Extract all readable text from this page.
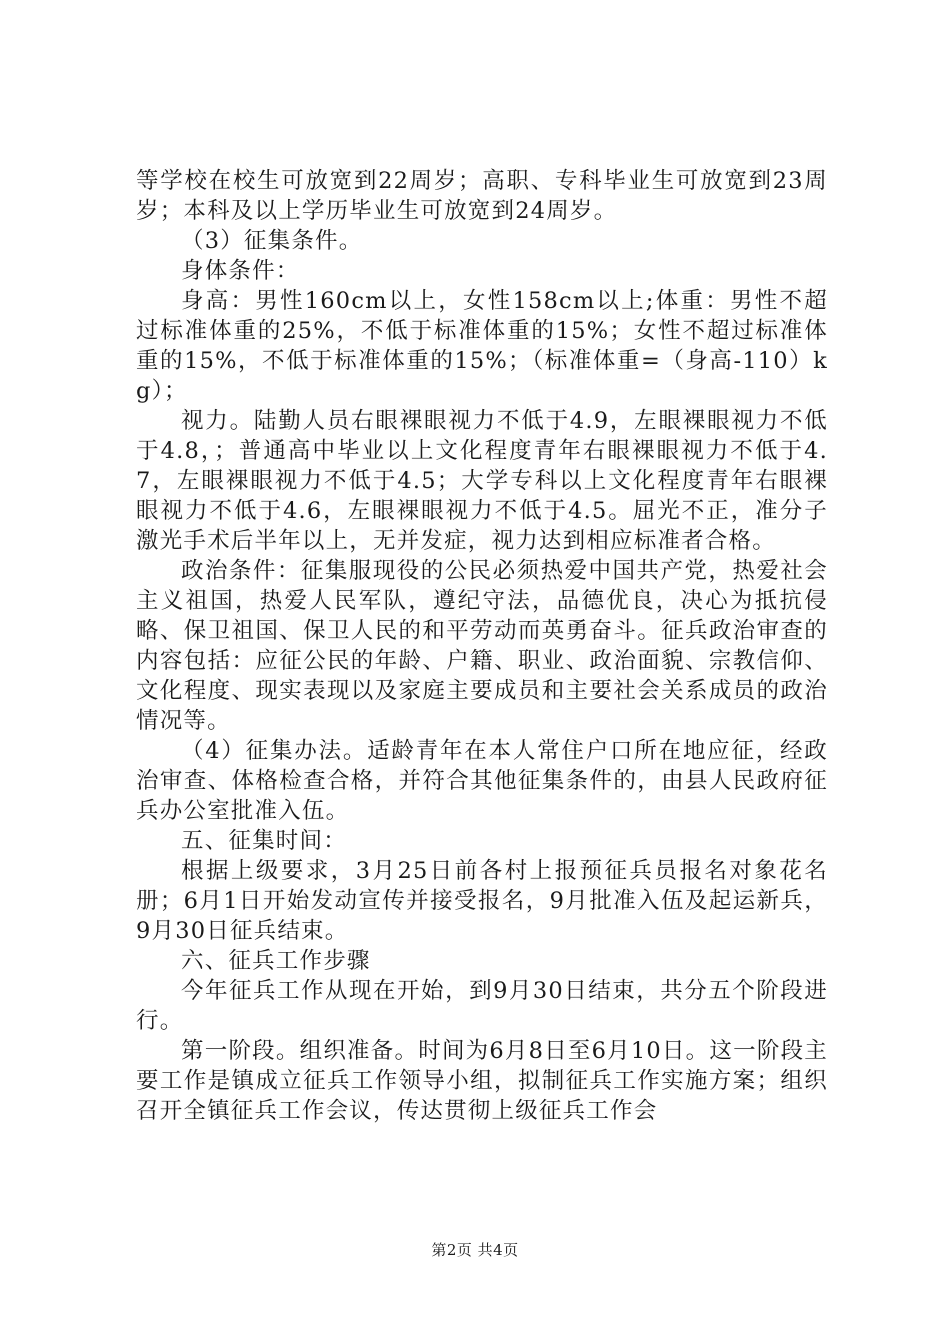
等学校在校生可放宽到22周岁；高职、专科毕业生可放宽到23周岁；本科及以上学历毕业生可放宽到24周岁。

（3）征集条件。

身体条件：

身高：男性160cm以上，女性158cm以上;体重：男性不超过标准体重的25%，不低于标准体重的15%；女性不超过标准体重的15%，不低于标准体重的15%；（标准体重=（身高-110）kg）；

视力。陆勤人员右眼裸眼视力不低于4.9，左眼裸眼视力不低于4.8，；普通高中毕业以上文化程度青年右眼裸眼视力不低于4.7，左眼裸眼视力不低于4.5；大学专科以上文化程度青年右眼裸眼视力不低于4.6，左眼裸眼视力不低于4.5。屈光不正，准分子激光手术后半年以上，无并发症，视力达到相应标准者合格。

政治条件：征集服现役的公民必须热爱中国共产党，热爱社会主义祖国，热爱人民军队，遵纪守法，品德优良，决心为抵抗侵略、保卫祖国、保卫人民的和平劳动而英勇奋斗。征兵政治审查的内容包括：应征公民的年龄、户籍、职业、政治面貌、宗教信仰、文化程度、现实表现以及家庭主要成员和主要社会关系成员的政治情况等。

（4）征集办法。适龄青年在本人常住户口所在地应征，经政治审查、体格检查合格，并符合其他征集条件的，由县人民政府征兵办公室批准入伍。

五、征集时间：

根据上级要求，3月25日前各村上报预征兵员报名对象花名册；6月1日开始发动宣传并接受报名，9月批准入伍及起运新兵，9月30日征兵结束。

六、征兵工作步骤

今年征兵工作从现在开始，到9月30日结束，共分五个阶段进行。

第一阶段。组织准备。时间为6月8日至6月10日。这一阶段主要工作是镇成立征兵工作领导小组，拟制征兵工作实施方案；组织召开全镇征兵工作会议，传达贯彻上级征兵工作会

第2页 共4页
